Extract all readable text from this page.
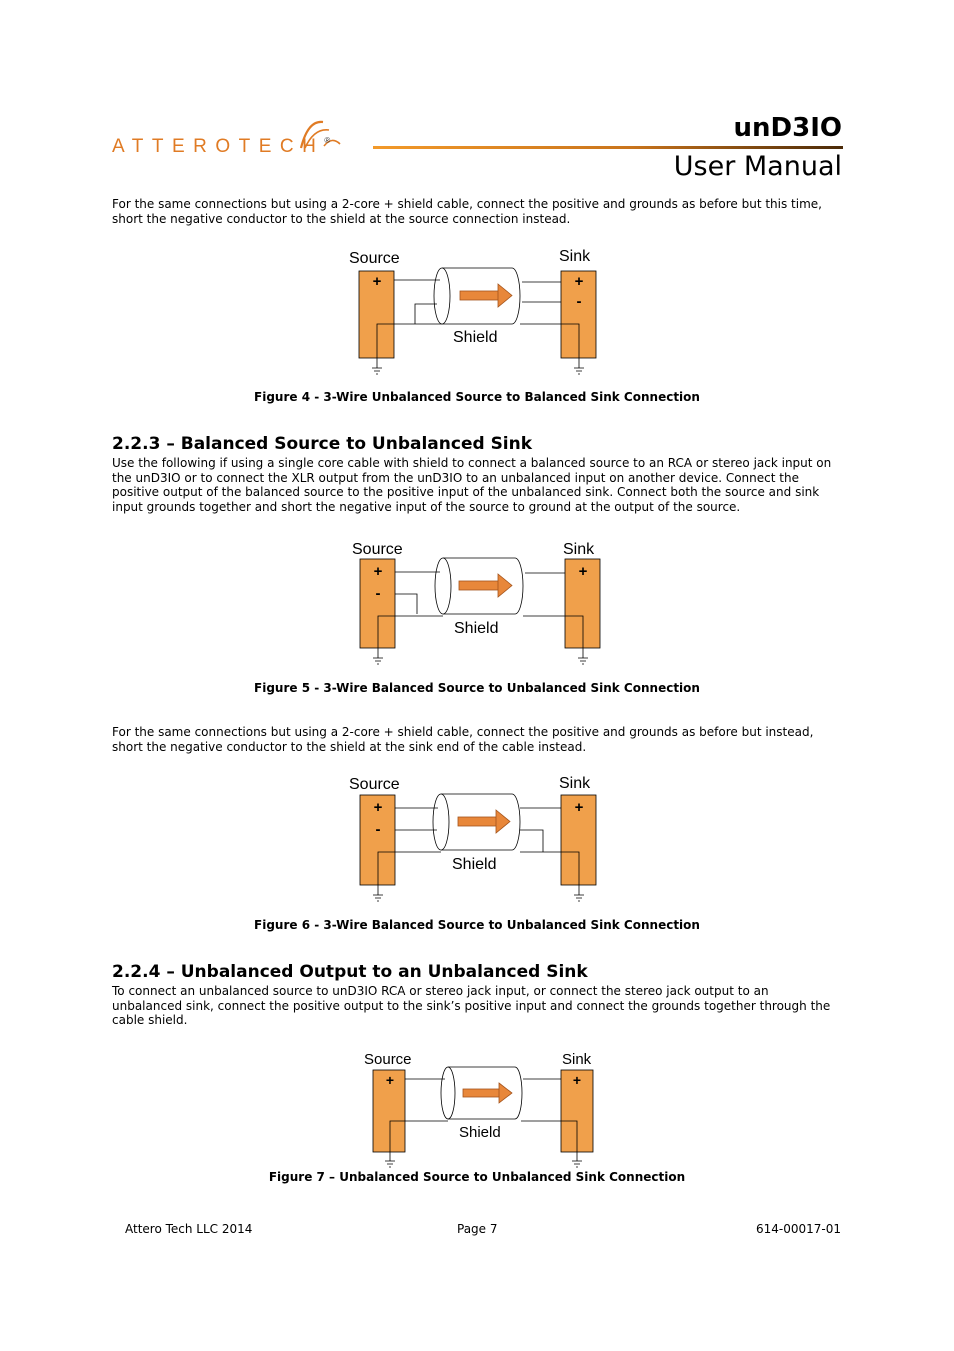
ATTEROTECH®	unD3IO
User Manual

For the same connections but using a 2-core + shield cable, connect the positive and grounds as before but this time, short the negative conductor to the shield at the source connection instead.

Source	Sink
+	+
-
Shield

Figure 4 - 3-Wire Unbalanced Source to Balanced Sink Connection

2.2.3 – Balanced Source to Unbalanced Sink

Use the following if using a single core cable with shield to connect a balanced source to an RCA or stereo jack input on the unD3IO or to connect the XLR output from the unD3IO to an unbalanced input on another device. Connect the positive output of the balanced source to the positive input of the unbalanced sink. Connect both the source and sink input grounds together and short the negative input of the source to ground at the output of the source.

Source	Sink
+
-
+
Shield

Figure 5 - 3-Wire Balanced Source to Unbalanced Sink Connection

For the same connections but using a 2-core + shield cable, connect the positive and grounds as before but instead, short the negative conductor to the shield at the sink end of the cable instead.

Source	Sink
+
-
+
Shield

Figure 6 - 3-Wire Balanced Source to Unbalanced Sink Connection

2.2.4 – Unbalanced Output to an Unbalanced Sink

To connect an unbalanced source to unD3IO RCA or stereo jack input, or connect the stereo jack output to an unbalanced sink, connect the positive output to the sink’s positive input and connect the grounds together through the cable shield.

Source	Sink
+	+
Shield

Figure 7 – Unbalanced Source to Unbalanced Sink Connection

Attero Tech LLC 2014	Page 7	614-00017-01
